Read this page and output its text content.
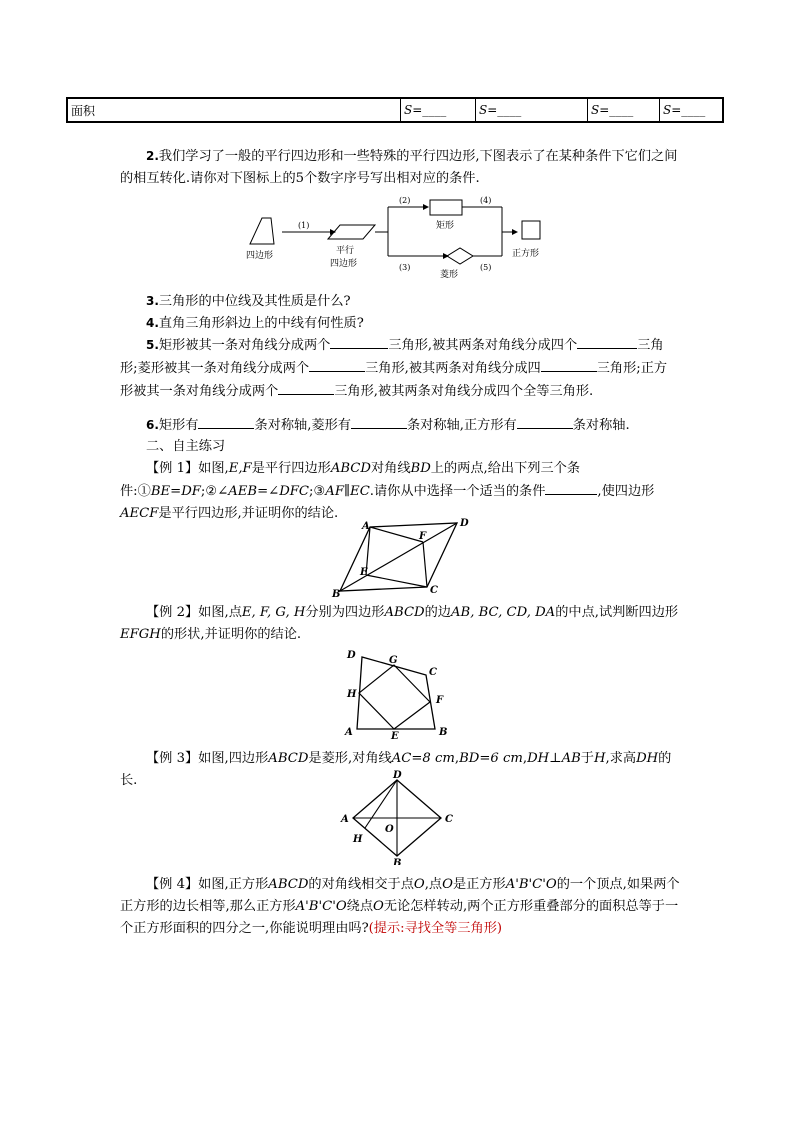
面积	S=____	S=____	S=____	S=____

2.我们学习了一般的平行四边形和一些特殊的平行四边形,下图表示了在某种条件下它们之间的相互转化.请你对下图标上的5个数字序号写出相对应的条件.

四边形
(1)
平行
四边形
(2)
(3)
矩形
菱形
(4)
(5)
正方形

3.三角形的中位线及其性质是什么?

4.直角三角形斜边上的中线有何性质?

5.矩形被其一条对角线分成两个	三角形,被其两条对角线分成四个	三角形;菱形被其一条对角线分成两个	三角形,被其两条对角线分成四	三角形;正方形被其一条对角线分成两个	三角形,被其两条对角线分成四个全等三角形.

6.矩形有	条对称轴,菱形有	条对称轴,正方形有	条对称轴.

二、自主练习

【例 1】如图,E,F是平行四边形ABCD对角线BD上的两点,给出下列三个条件:①BE=DF;②∠AEB=∠DFC;③AF∥EC.请你从中选择一个适当的条件	,使四边形AECF是平行四边形,并证明你的结论.

A	D
F
E
B	C

【例 2】如图,点E, F, G, H分别为四边形ABCD的边AB, BC, CD, DA的中点,试判断四边形EFGH的形状,并证明你的结论.

A	B
C
D
E
F
G
H

【例 3】如图,四边形ABCD是菱形,对角线AC=8 cm,BD=6 cm,DH⊥AB于H,求高DH的长.	D
C
B
A
H
O

【例 4】如图,正方形ABCD的对角线相交于点O,点O是正方形A'B'C'O的一个顶点,如果两个正方形的边长相等,那么正方形A'B'C'O绕点O无论怎样转动,两个正方形重叠部分的面积总等于一个正方形面积的四分之一,你能说明理由吗?(提示:寻找全等三角形)
